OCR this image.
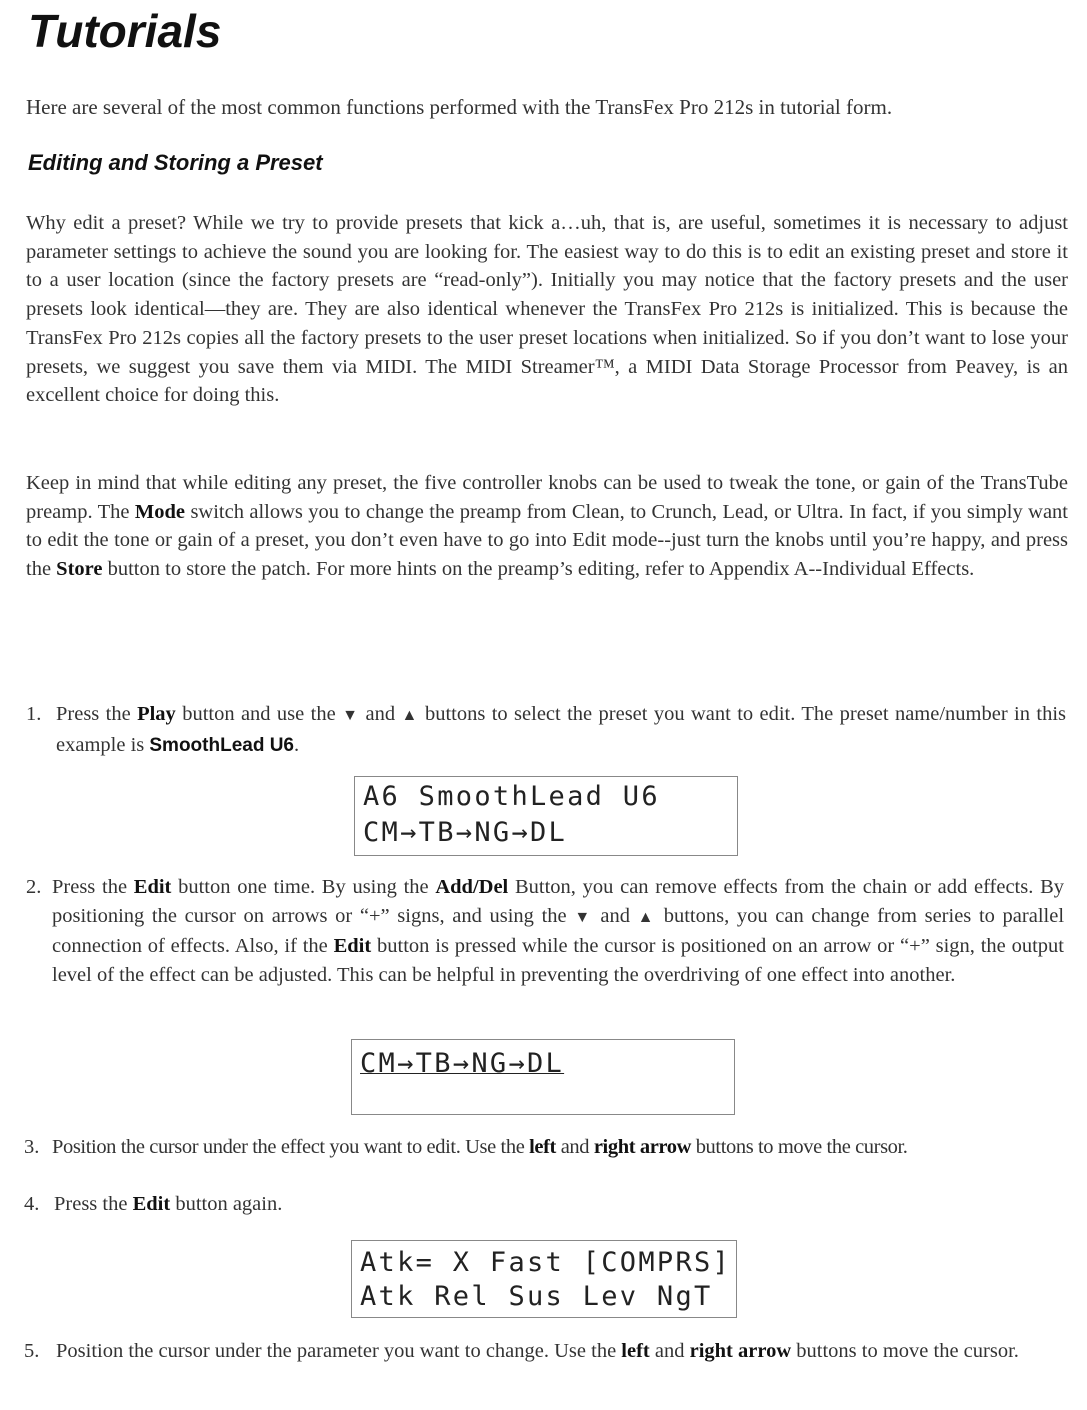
Tutorials
Here are several of the most common functions performed with the TransFex Pro 212s in tutorial form.
Editing and Storing a Preset
Why edit a preset? While we try to provide presets that kick a…uh, that is, are useful, sometimes it is necessary to adjust parameter settings to achieve the sound you are looking for. The easiest way to do this is to edit an existing preset and store it to a user location (since the factory presets are “read-only”). Initially you may notice that the factory presets and the user presets look identical—they are. They are also identical whenever the TransFex Pro 212s is initialized. This is because the TransFex Pro 212s copies all the factory presets to the user preset locations when initialized. So if you don’t want to lose your presets, we suggest you save them via MIDI. The MIDI Streamer™, a MIDI Data Storage Processor from Peavey, is an excellent choice for doing this.
Keep in mind that while editing any preset, the five controller knobs can be used to tweak the tone, or gain of the TransTube preamp. The Mode switch allows you to change the preamp from Clean, to Crunch, Lead, or Ultra. In fact, if you simply want to edit the tone or gain of a preset, you don’t even have to go into Edit mode--just turn the knobs until you’re happy, and press the Store button to store the patch. For more hints on the preamp’s editing, refer to Appendix A--Individual Effects.
1. Press the Play button and use the ▼ and ▲ buttons to select the preset you want to edit. The preset name/number in this example is SmoothLead U6.
A6 SmoothLead U6
CM→TB→NG→DL
2. Press the Edit button one time. By using the Add/Del Button, you can remove effects from the chain or add effects. By positioning the cursor on arrows or “+” signs, and using the ▼ and ▲ buttons, you can change from series to parallel connection of effects. Also, if the Edit button is pressed while the cursor is positioned on an arrow or “+” sign, the output level of the effect can be adjusted. This can be helpful in preventing the overdriving of one effect into another.
CM→TB→NG→DL
3. Position the cursor under the effect you want to edit. Use the left and right arrow buttons to move the cursor.
4. Press the Edit button again.
Atk= X Fast [COMPRS]
Atk Rel Sus Lev NgT
5. Position the cursor under the parameter you want to change. Use the left and right arrow buttons to move the cursor.
